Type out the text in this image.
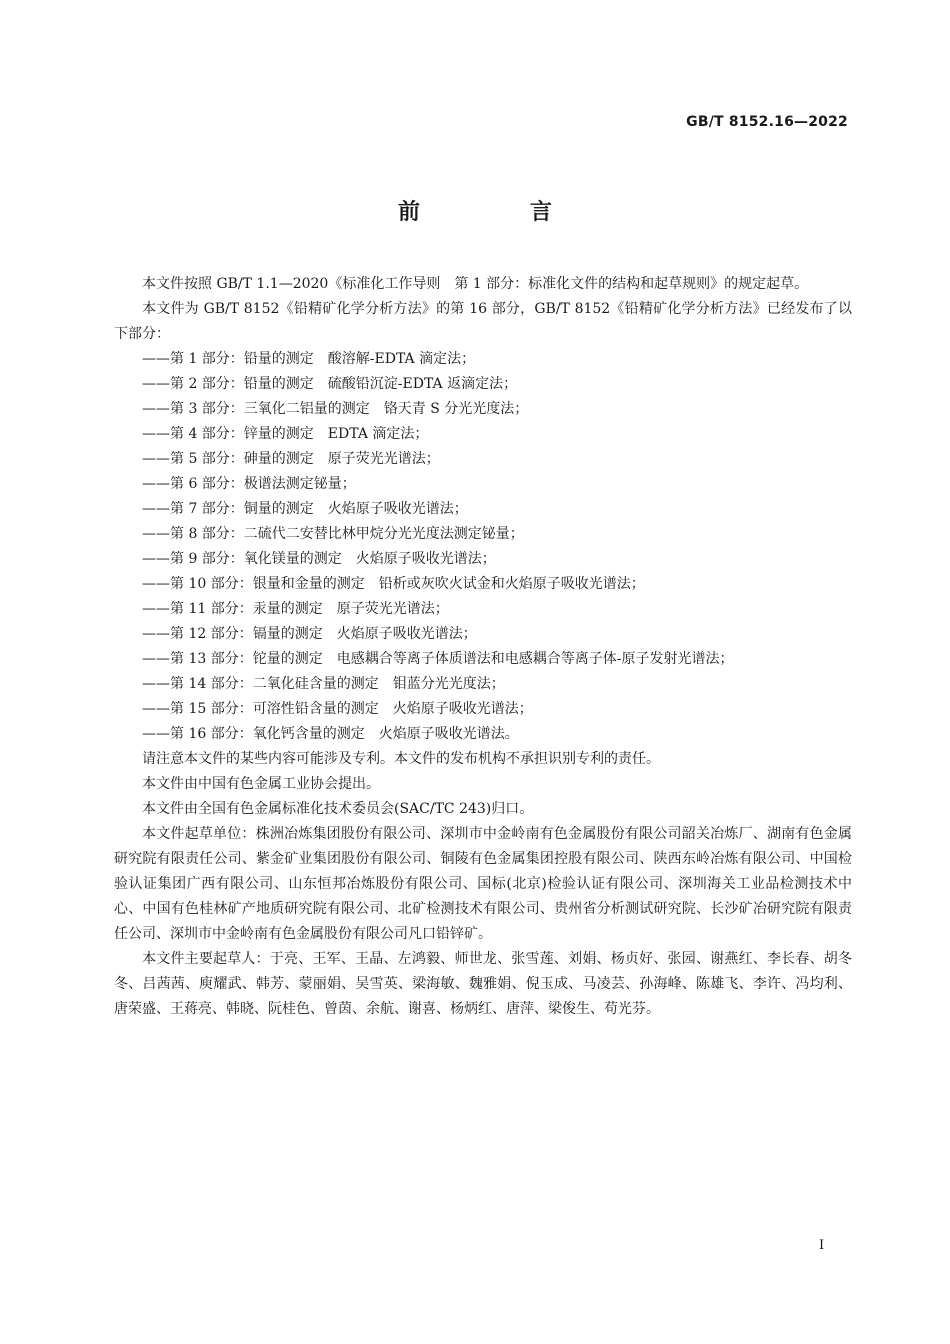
GB/T 8152.16—2022
前　言

本文件按照 GB/T 1.1—2020《标准化工作导则　第 1 部分：标准化文件的结构和起草规则》的规定起草。

本文件为 GB/T 8152《铅精矿化学分析方法》的第 16 部分，GB/T 8152《铅精矿化学分析方法》已经发布了以下部分：

——第 1 部分：铅量的测定　酸溶解-EDTA 滴定法；

——第 2 部分：铅量的测定　硫酸铅沉淀-EDTA 返滴定法；

——第 3 部分：三氧化二铝量的测定　铬天青 S 分光光度法；

——第 4 部分：锌量的测定　EDTA 滴定法；

——第 5 部分：砷量的测定　原子荧光光谱法；

——第 6 部分：极谱法测定铋量；

——第 7 部分：铜量的测定　火焰原子吸收光谱法；

——第 8 部分：二硫代二安替比林甲烷分光光度法测定铋量；

——第 9 部分：氧化镁量的测定　火焰原子吸收光谱法；

——第 10 部分：银量和金量的测定　铅析或灰吹火试金和火焰原子吸收光谱法；

——第 11 部分：汞量的测定　原子荧光光谱法；

——第 12 部分：镉量的测定　火焰原子吸收光谱法；

——第 13 部分：铊量的测定　电感耦合等离子体质谱法和电感耦合等离子体-原子发射光谱法；

——第 14 部分：二氧化硅含量的测定　钼蓝分光光度法；

——第 15 部分：可溶性铅含量的测定　火焰原子吸收光谱法；

——第 16 部分：氧化钙含量的测定　火焰原子吸收光谱法。

请注意本文件的某些内容可能涉及专利。本文件的发布机构不承担识别专利的责任。

本文件由中国有色金属工业协会提出。

本文件由全国有色金属标准化技术委员会(SAC/TC 243)归口。

本文件起草单位：株洲冶炼集团股份有限公司、深圳市中金岭南有色金属股份有限公司韶关冶炼厂、湖南有色金属研究院有限责任公司、紫金矿业集团股份有限公司、铜陵有色金属集团控股有限公司、陕西东岭冶炼有限公司、中国检验认证集团广西有限公司、山东恒邦冶炼股份有限公司、国标(北京)检验认证有限公司、深圳海关工业品检测技术中心、中国有色桂林矿产地质研究院有限公司、北矿检测技术有限公司、贵州省分析测试研究院、长沙矿冶研究院有限责任公司、深圳市中金岭南有色金属股份有限公司凡口铅锌矿。

本文件主要起草人：于亮、王军、王晶、左鸿毅、师世龙、张雪莲、刘娟、杨贞好、张园、谢燕红、李长春、胡冬冬、吕茜茜、庾耀武、韩芳、蒙丽娟、吴雪英、梁海敏、魏雅娟、倪玉成、马凌芸、孙海峰、陈雄飞、李许、冯均利、唐荣盛、王蒋亮、韩晓、阮桂色、曾茵、余航、谢喜、杨炳红、唐萍、梁俊生、苟光芬。

I
